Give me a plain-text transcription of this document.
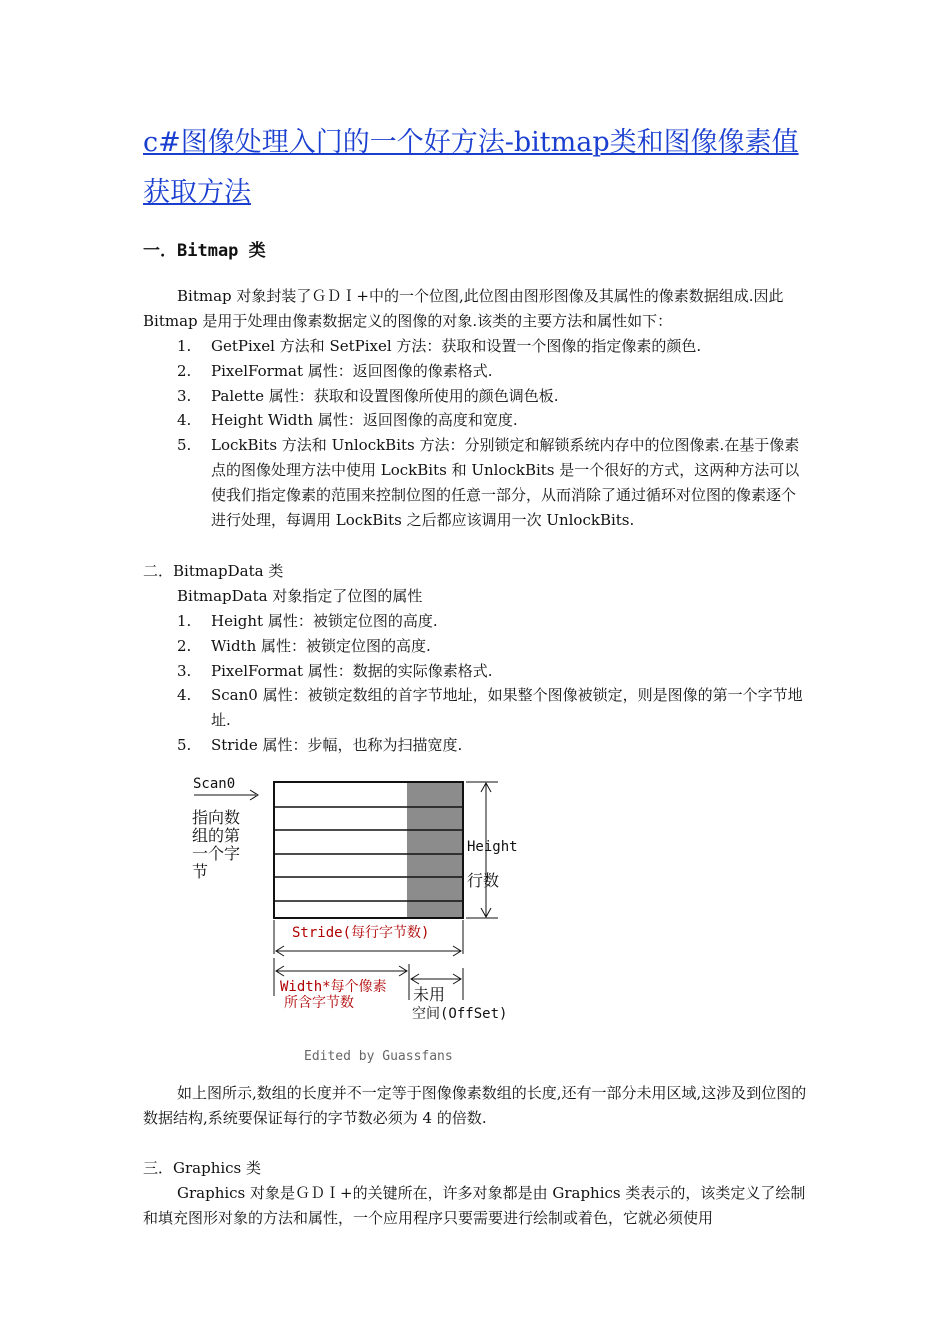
c#图像处理入门的一个好方法-bitmap类和图像像素值获取方法
一．Bitmap 类

Bitmap 对象封装了ＧＤＩ+中的一个位图,此位图由图形图像及其属性的像素数据组成.因此 Bitmap 是用于处理由像素数据定义的图像的对象.该类的主要方法和属性如下：

1. GetPixel 方法和 SetPixel 方法：获取和设置一个图像的指定像素的颜色.
2. PixelFormat 属性：返回图像的像素格式.
3. Palette 属性：获取和设置图像所使用的颜色调色板.
4. Height Width 属性：返回图像的高度和宽度.
5. LockBits 方法和 UnlockBits 方法：分别锁定和解锁系统内存中的位图像素.在基于像素点的图像处理方法中使用 LockBits 和 UnlockBits 是一个很好的方式，这两种方法可以使我们指定像素的范围来控制位图的任意一部分，从而消除了通过循环对位图的像素逐个进行处理，每调用 LockBits 之后都应该调用一次 UnlockBits.

二．BitmapData 类

BitmapData 对象指定了位图的属性

1. Height 属性：被锁定位图的高度.
2. Width 属性：被锁定位图的高度.
3. PixelFormat 属性：数据的实际像素格式.
4. Scan0 属性：被锁定数组的首字节地址，如果整个图像被锁定，则是图像的第一个字节地址.
5. Stride 属性：步幅，也称为扫描宽度.
Scan0
指向数
组的第
一个字
节
Height
行数
Stride(每行字节数)
Width*每个像素
所含字节数	未用
空间(OffSet)
Edited by Guassfans

如上图所示,数组的长度并不一定等于图像像素数组的长度,还有一部分未用区域,这涉及到位图的数据结构,系统要保证每行的字节数必须为 4 的倍数.

三．Graphics 类

Graphics 对象是ＧＤＩ+的关键所在，许多对象都是由 Graphics 类表示的，该类定义了绘制和填充图形对象的方法和属性，一个应用程序只要需要进行绘制或着色，它就必须使用
